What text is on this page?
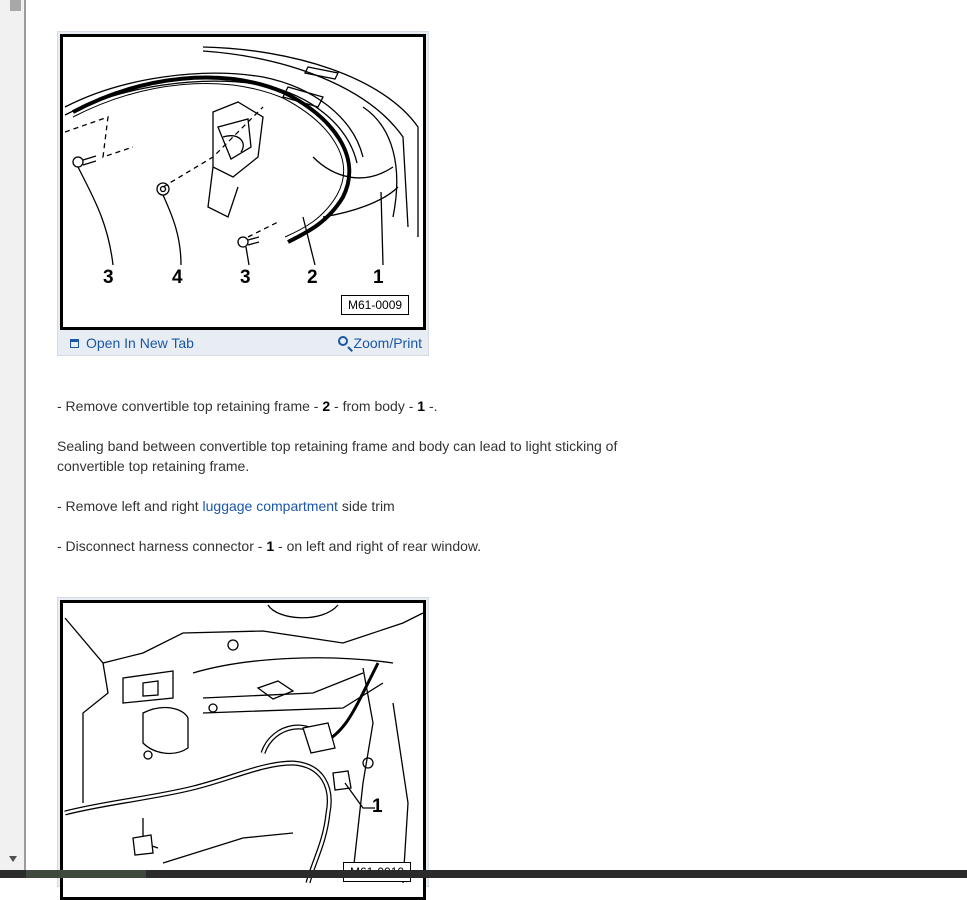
3	4	3	2	1
M61-0009
Open In New Tab	Zoom/Print
- Remove convertible top retaining frame - 2 - from body - 1 -.
Sealing band between convertible top retaining frame and body can lead to light sticking of convertible top retaining frame.
- Remove left and right luggage compartment side trim
- Disconnect harness connector - 1 - on left and right of rear window.
1
